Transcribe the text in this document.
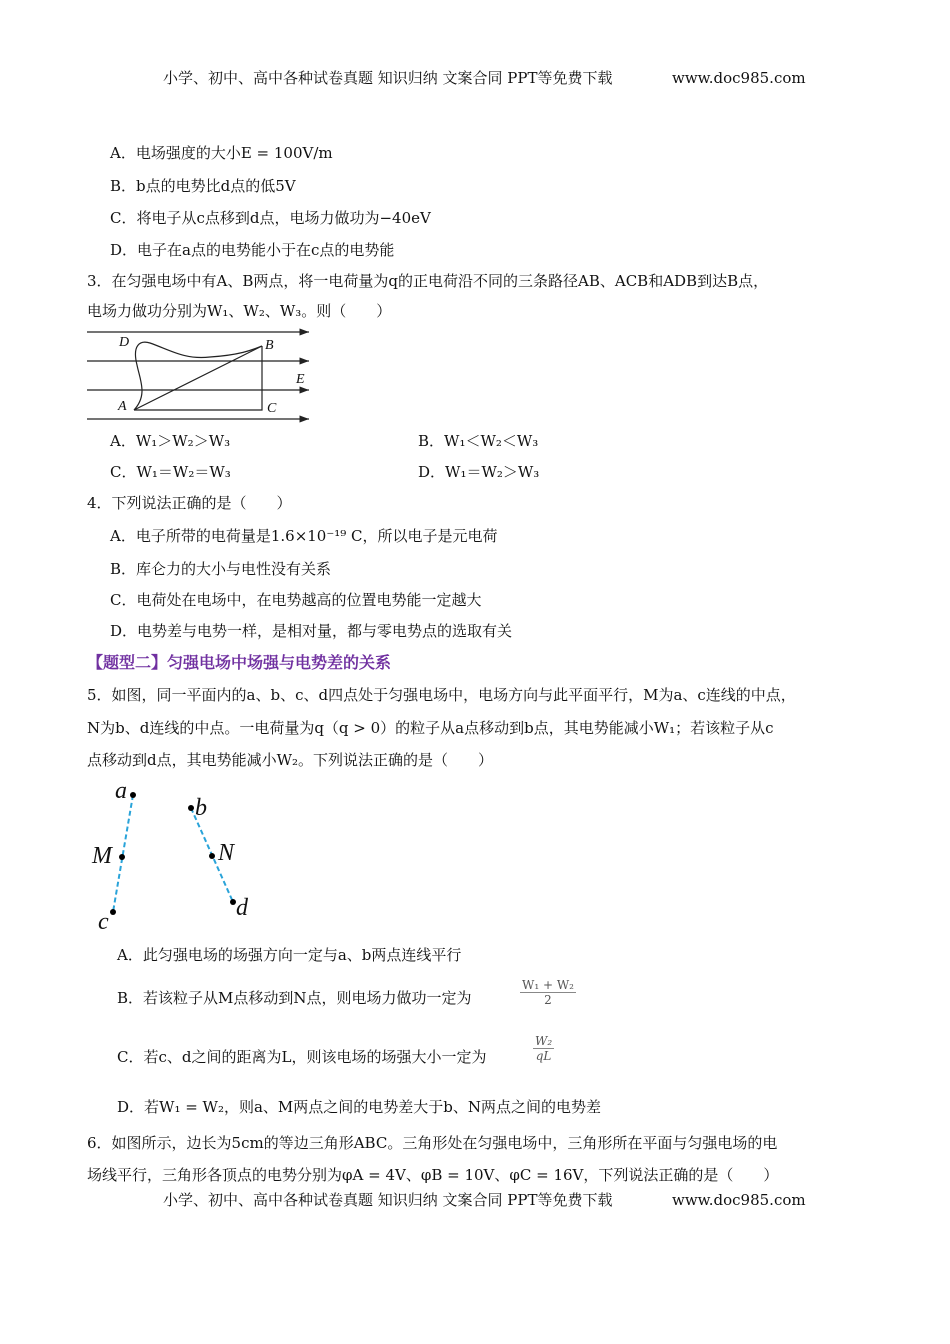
小学、初中、高中各种试卷真题 知识归纳 文案合同 PPT等免费下载	www.doc985.com
A．电场强度的大小E = 100V/m
B．b点的电势比d点的低5V
C．将电子从c点移到d点，电场力做功为−40eV
D．电子在a点的电势能小于在c点的电势能
3．在匀强电场中有A、B两点，将一电荷量为q的正电荷沿不同的三条路径AB、ACB和ADB到达B点，
电场力做功分别为W₁、W₂、W₃。则（　　）
D	B
E
A	C
A．W₁＞W₂＞W₃	B．W₁＜W₂＜W₃
C．W₁＝W₂＝W₃	D．W₁＝W₂＞W₃
4．下列说法正确的是（　　）
A．电子所带的电荷量是1.6×10⁻¹⁹ C，所以电子是元电荷
B．库仑力的大小与电性没有关系
C．电荷处在电场中，在电势越高的位置电势能一定越大
D．电势差与电势一样，是相对量，都与零电势点的选取有关
【题型二】匀强电场中场强与电势差的关系
5．如图，同一平面内的a、b、c、d四点处于匀强电场中，电场方向与此平面平行，M为a、c连线的中点，
N为b、d连线的中点。一电荷量为q（q > 0）的粒子从a点移动到b点，其电势能减小W₁；若该粒子从c
点移动到d点，其电势能减小W₂。下列说法正确的是（　　）
a
M
c
b
N
d
A．此匀强电场的场强方向一定与a、b两点连线平行
B．若该粒子从M点移动到N点，则电场力做功一定为	$\frac{\text{W₁ + W₂}}{2}$
C．若c、d之间的距离为L，则该电场的场强大小一定为	$\frac{\text{W₂}}{qL}$
D．若W₁ = W₂，则a、M两点之间的电势差大于b、N两点之间的电势差
6．如图所示，边长为5cm的等边三角形ABC。三角形处在匀强电场中，三角形所在平面与匀强电场的电
场线平行，三角形各顶点的电势分别为φA = 4V、φB = 10V、φC = 16V，下列说法正确的是（　　）
小学、初中、高中各种试卷真题 知识归纳 文案合同 PPT等免费下载	www.doc985.com
